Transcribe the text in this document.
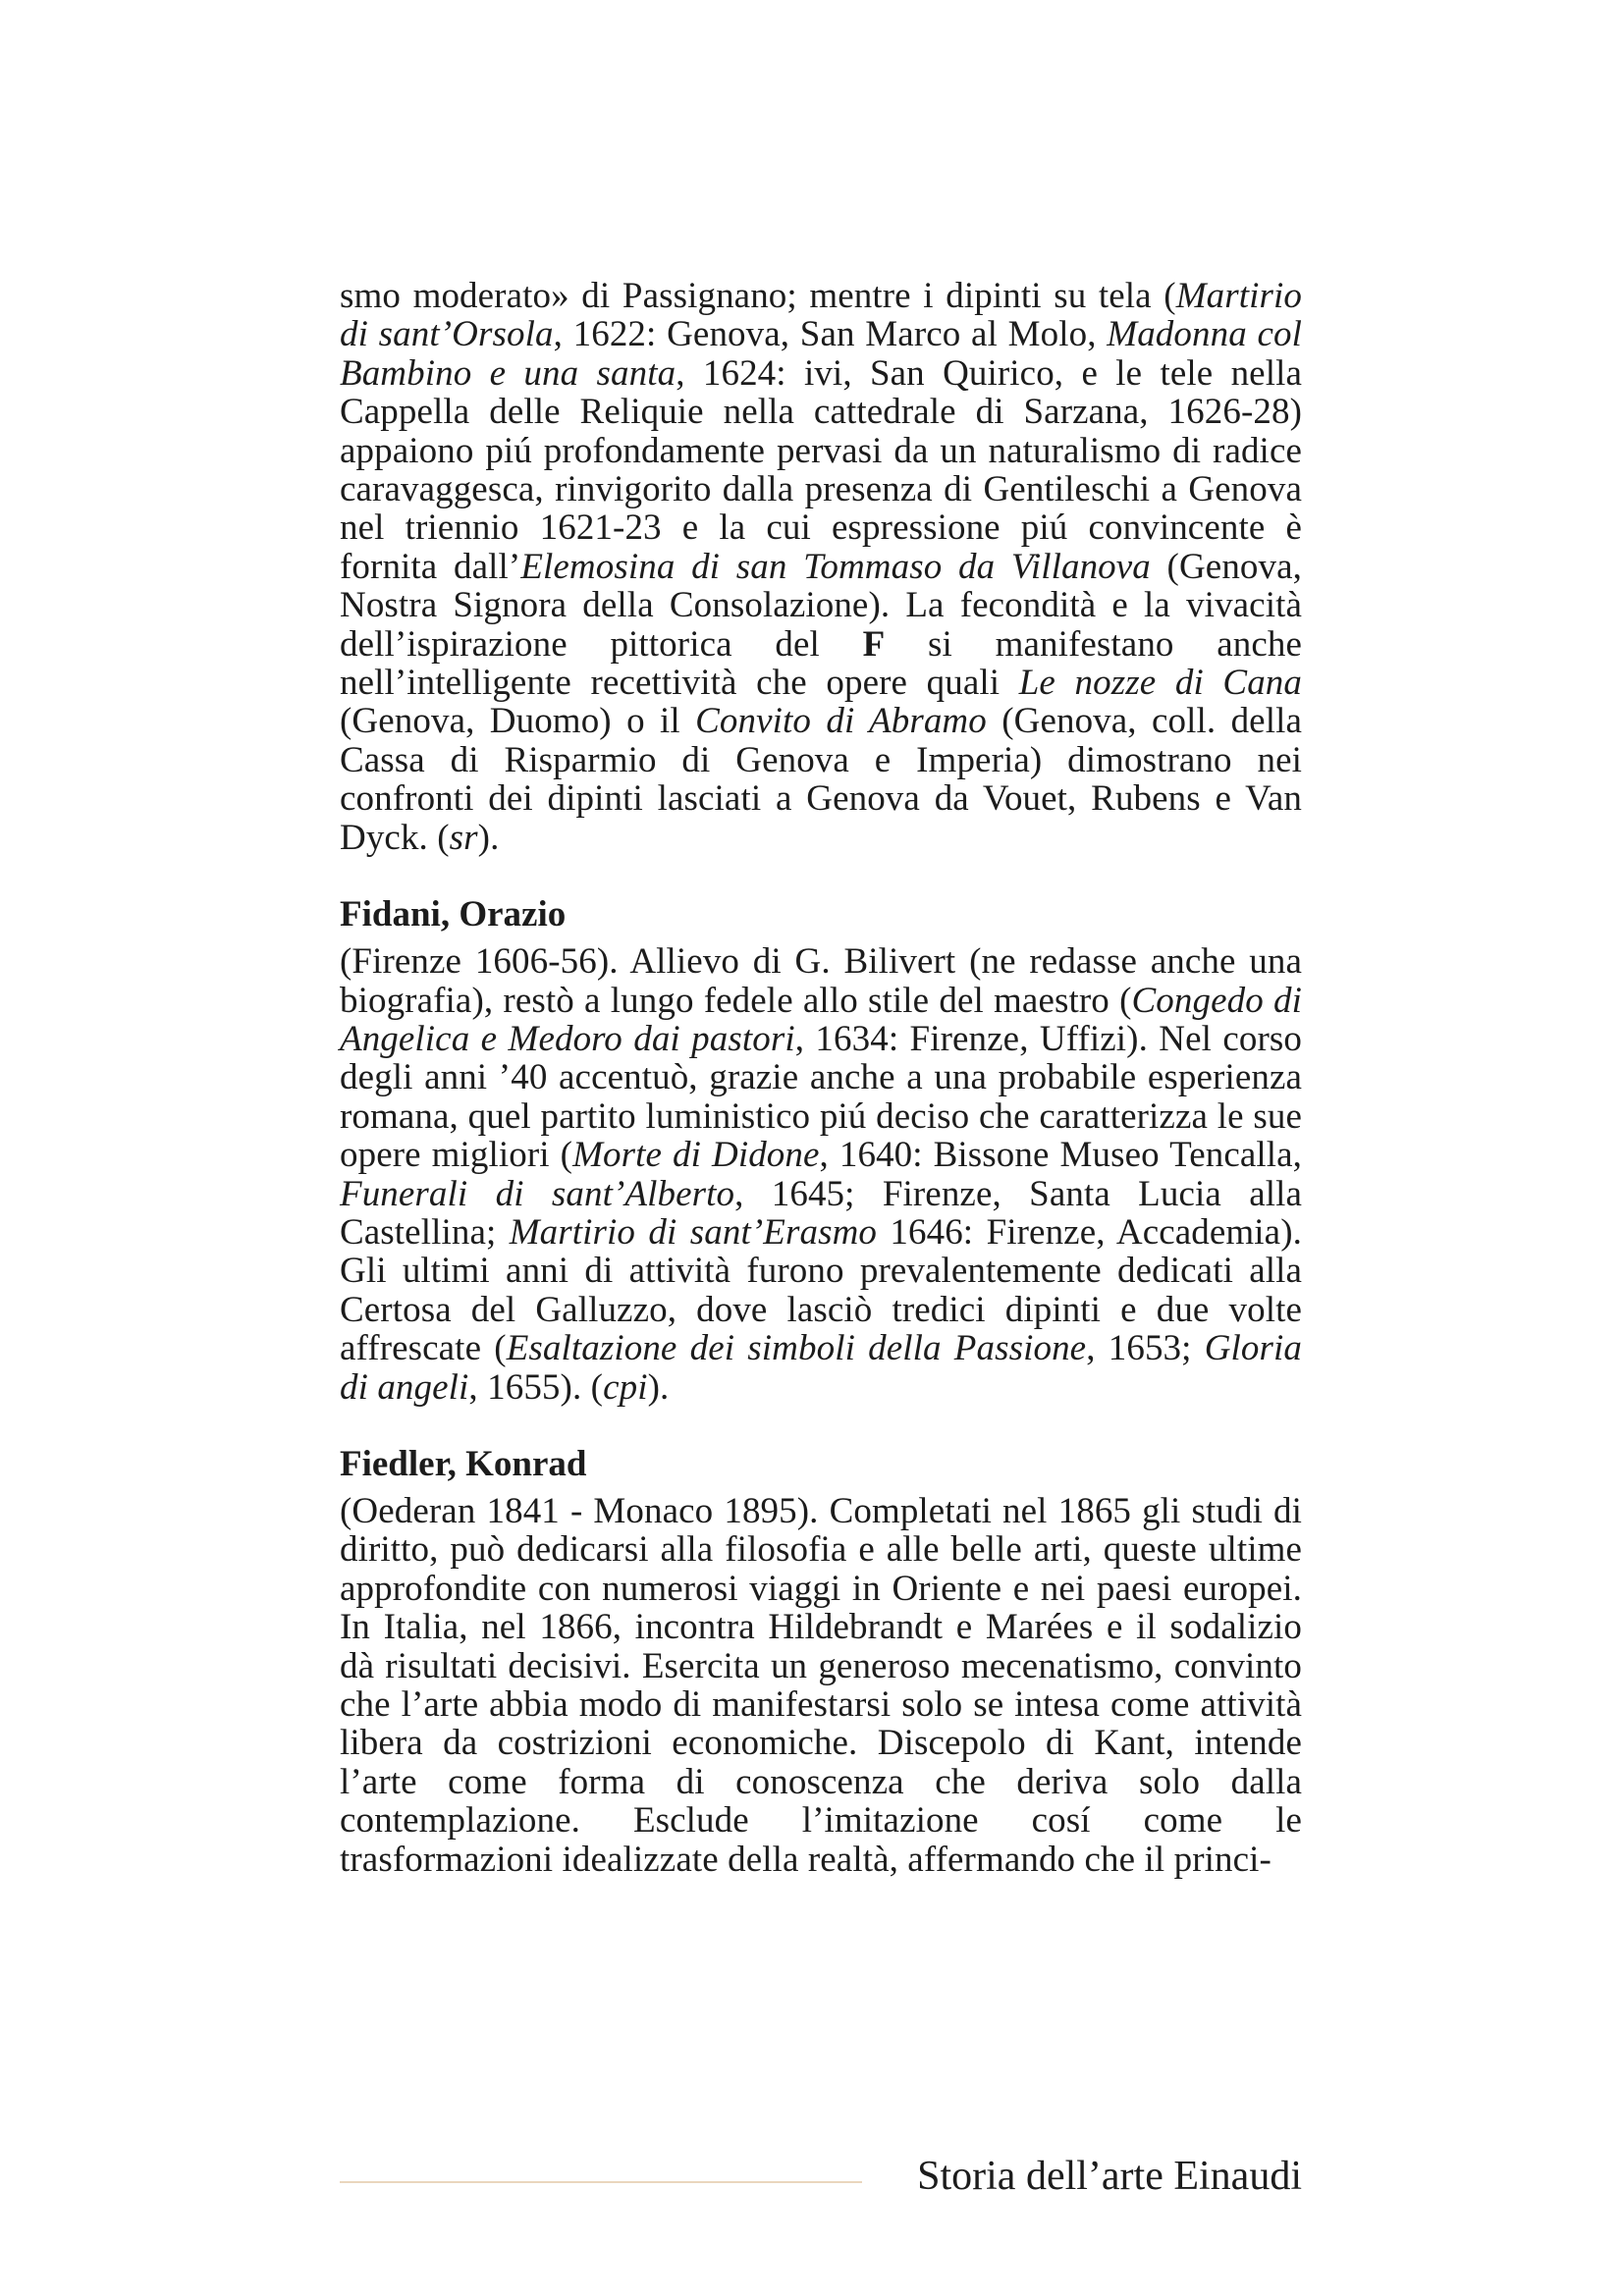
smo moderato» di Passignano; mentre i dipinti su tela (Martirio di sant’Orsola, 1622: Genova, San Marco al Molo, Madonna col Bambino e una santa, 1624: ivi, San Quirico, e le tele nella Cappella delle Reliquie nella cattedrale di Sarzana, 1626-28) appaiono piú profondamente pervasi da un naturalismo di radice caravaggesca, rinvigorito dalla presenza di Gentileschi a Genova nel triennio 1621-23 e la cui espressione piú convincente è fornita dall’Elemosina di san Tommaso da Villanova (Genova, Nostra Signora della Consolazione). La fecondità e la vivacità dell’ispirazione pittorica del F si manifestano anche nell’intelligente recettività che opere quali Le nozze di Cana (Genova, Duomo) o il Convito di Abramo (Genova, coll. della Cassa di Risparmio di Genova e Imperia) dimostrano nei confronti dei dipinti lasciati a Genova da Vouet, Rubens e Van Dyck. (sr).

Fidani, Orazio

(Firenze 1606-56). Allievo di G. Bilivert (ne redasse anche una biografia), restò a lungo fedele allo stile del maestro (Congedo di Angelica e Medoro dai pastori, 1634: Firenze, Uffizi). Nel corso degli anni ’40 accentuò, grazie anche a una probabile esperienza romana, quel partito luministico piú deciso che caratterizza le sue opere migliori (Morte di Didone, 1640: Bissone Museo Tencalla, Funerali di sant’Alberto, 1645; Firenze, Santa Lucia alla Castellina; Martirio di sant’Erasmo 1646: Firenze, Accademia). Gli ultimi anni di attività furono prevalentemente dedicati alla Certosa del Galluzzo, dove lasciò tredici dipinti e due volte affrescate (Esaltazione dei simboli della Passione, 1653; Gloria di angeli, 1655). (cpi).

Fiedler, Konrad

(Oederan 1841 - Monaco 1895). Completati nel 1865 gli studi di diritto, può dedicarsi alla filosofia e alle belle arti, queste ultime approfondite con numerosi viaggi in Oriente e nei paesi europei. In Italia, nel 1866, incontra Hildebrandt e Marées e il sodalizio dà risultati decisivi. Esercita un generoso mecenatismo, convinto che l’arte abbia modo di manifestarsi solo se intesa come attività libera da costrizioni economiche. Discepolo di Kant, intende l’arte come forma di conoscenza che deriva solo dalla contemplazione. Esclude l’imitazione cosí come le trasformazioni idealizzate della realtà, affermando che il princi-

Storia dell’arte Einaudi
